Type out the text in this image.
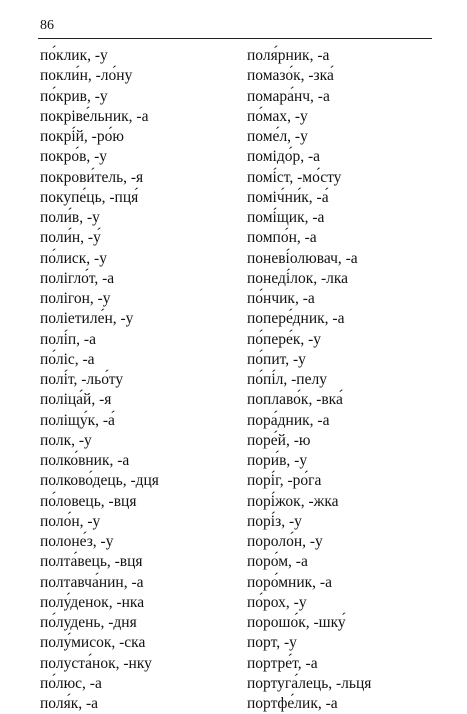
86
по́клик, -у
покли́н, -ло́ну
по́крив, -у
покріве́льник, -а
покрі́й, -ро́ю
покро́в, -у
покрови́тель, -я
покупе́ць, -пця́
поли́в, -у
поли́н, -у́
по́лиск, -у
полігло́т, -а
полігон, -у
поліетиле́н, -у
полі́п, -а
по́ліс, -а
полі́т, -льо́ту
поліца́й, -я
поліщу́к, -а́
полк, -у
полко́вник, -а
полково́дець, -дця
по́ловець, -вця
поло́н, -у
полоне́з, -у
полта́вець, -вця
полтавча́нин, -а
полу́денок, -нка
по́лудень, -дня
полу́мисок, -ска
полуста́нок, -нку
по́люс, -а
поля́к, -а
поля́рник, -а
помазо́к, -зка́
помара́нч, -а
по́мах, -у
поме́л, -у
помідо́р, -а
помі́ст, -мо́сту
поміч́ни́к, -а́
помі́щик, -а
помпо́н, -а
поневі́олювач, -а
понеді́лок, -лка
по́нчик, -а
попере́дник, -а
по́пере́к, -у
по́пит, -у
по́пі́л, -пелу
поплаво́к, -вка́
пора́дник, -а
поре́й, -ю
пори́в, -у
порі́г, -ро́га
порі́жок, -жка
порі́з, -у
пороло́н, -у
поро́м, -а
поро́мник, -а
по́рох, -у
порошо́к, -шку́
порт, -у
портре́т, -а
португа́лець, -льця
портфе́лик, -а
